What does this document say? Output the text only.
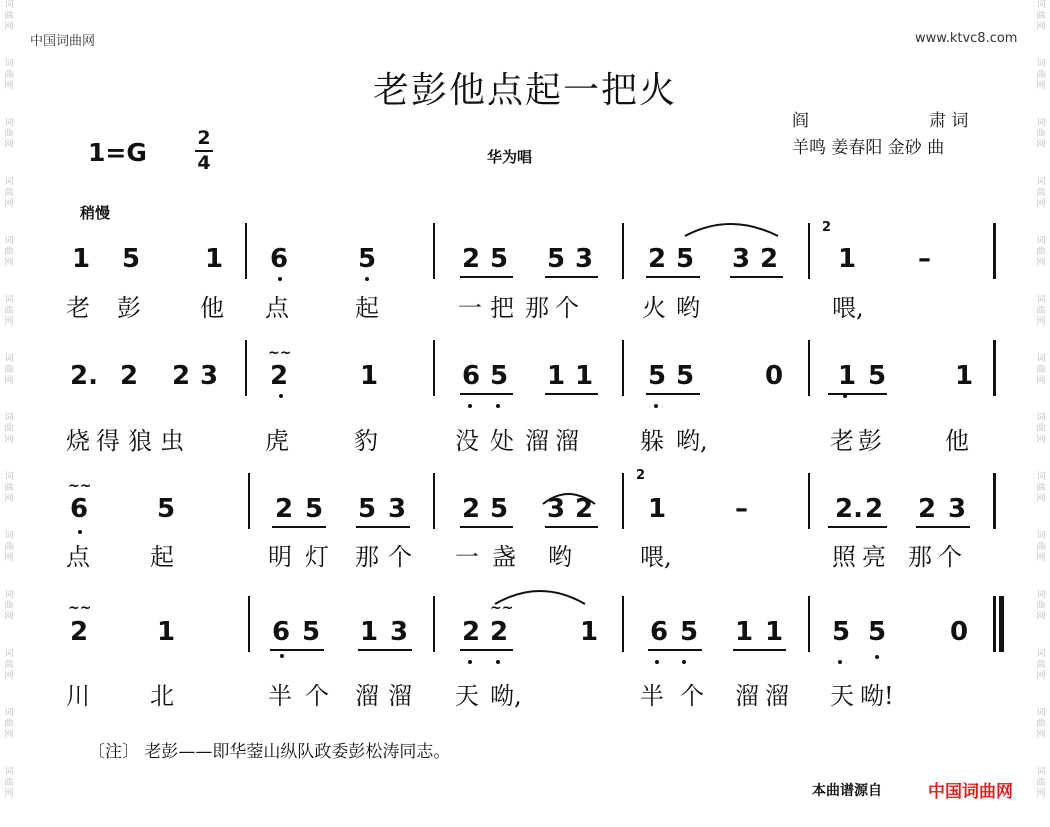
词曲网
词曲网
词曲网
词曲网
词曲网
词曲网
词曲网
词曲网
词曲网
词曲网
词曲网
词曲网
词曲网
词曲网
词曲网
词曲网
词曲网
词曲网
词曲网
词曲网
词曲网
词曲网
词曲网
词曲网
词曲网
词曲网
词曲网
词曲网
中国词曲网	www.ktvc8.com
老彭他点起一把火
阎	肃 词
羊鸣 姜春阳 金砂 曲
1=G	2
4	华为唱
稍慢
1 5 1 6	5	2 5 5 3 2 5 3 2 1 –
老 彭 他 点	起	一 把 那 个	火 哟	喂,
2
2. 2 2 3 2	1	6 5 1 1 5 5	0 1 5	1
烧 得 狼 虫	虎	豹	没 处 溜 溜	躲 哟,	老 彭	他
~~
6	5	2 5 5 3 2 5 3 2 1	–	2. 2 2 3
点	起	明 灯 那 个 一 盏 哟	喂,	照 亮 那 个
~~
2
2	1	6 5 1 3 2 2	1 6 5 1 1 5 5 0
川	北	半 个 溜 溜 天 呦,	半 个 溜 溜 天 呦!
~~	~~
〔注〕 老彭——即华蓥山纵队政委彭松涛同志。
本曲谱源自	中国词曲网
